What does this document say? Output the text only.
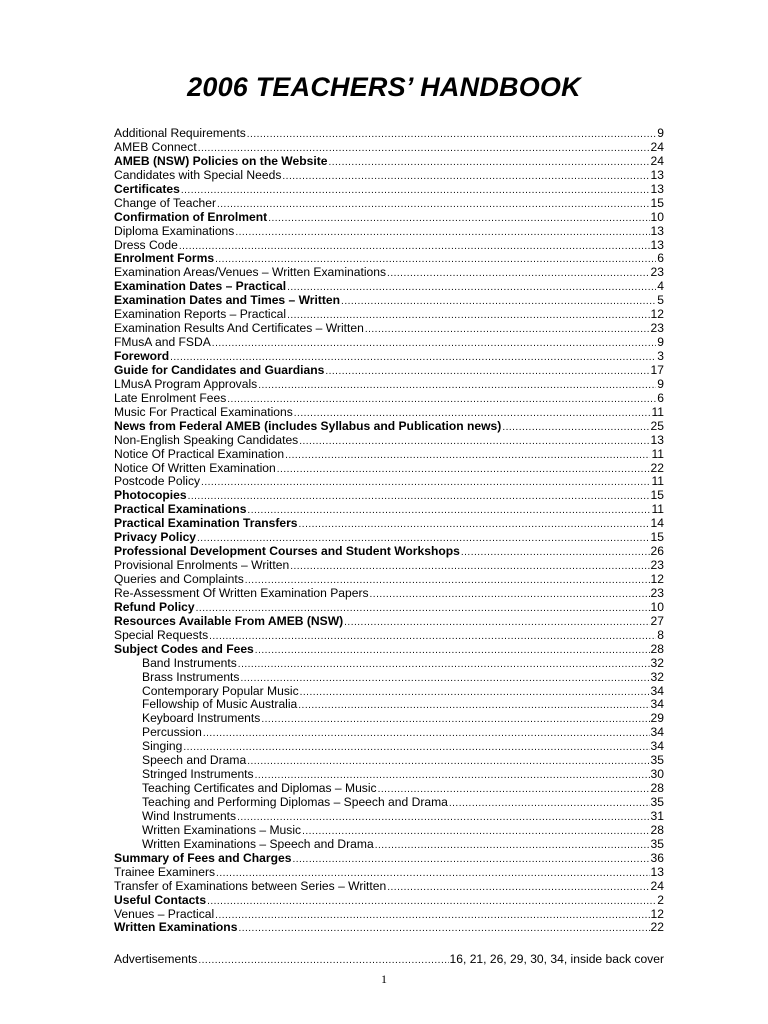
2006 TEACHERS’ HANDBOOK
Additional Requirements .....	9
AMEB Connect .....	24
AMEB (NSW) Policies on the Website .....	24
Candidates with Special Needs .....	13
Certificates .....	13
Change of Teacher .....	15
Confirmation of Enrolment .....	10
Diploma Examinations .....	13
Dress Code .....	13
Enrolment Forms .....	6
Examination Areas/Venues – Written Examinations .....	23
Examination Dates – Practical .....	4
Examination Dates and Times – Written .....	5
Examination Reports – Practical .....	12
Examination Results And Certificates – Written .....	23
FMusA and FSDA .....	9
Foreword .....	3
Guide for Candidates and Guardians .....	17
LMusA Program Approvals .....	9
Late Enrolment Fees .....	6
Music For Practical Examinations .....	11
News from Federal AMEB (includes Syllabus and Publication news) .....	25
Non-English Speaking Candidates .....	13
Notice Of Practical Examination .....	11
Notice Of Written Examination .....	22
Postcode Policy .....	11
Photocopies .....	15
Practical Examinations .....	11
Practical Examination Transfers .....	14
Privacy Policy .....	15
Professional Development Courses and Student Workshops .....	26
Provisional Enrolments – Written .....	23
Queries and Complaints .....	12
Re-Assessment Of Written Examination Papers .....	23
Refund Policy .....	10
Resources Available From AMEB (NSW) .....	27
Special Requests .....	8
Subject Codes and Fees .....	28
Band Instruments .....	32
Brass Instruments .....	32
Contemporary Popular Music .....	34
Fellowship of Music Australia .....	34
Keyboard Instruments .....	29
Percussion .....	34
Singing .....	34
Speech and Drama .....	35
Stringed Instruments .....	30
Teaching Certificates and Diplomas – Music .....	28
Teaching and Performing Diplomas – Speech and Drama .....	35
Wind Instruments .....	31
Written Examinations – Music .....	28
Written Examinations – Speech and Drama .....	35
Summary of Fees and Charges .....	36
Trainee Examiners .....	13
Transfer of Examinations between Series – Written .....	24
Useful Contacts .....	2
Venues – Practical .....	12
Written Examinations .....	22
Advertisements .....	16, 21, 26, 29, 30, 34, inside back cover
1
